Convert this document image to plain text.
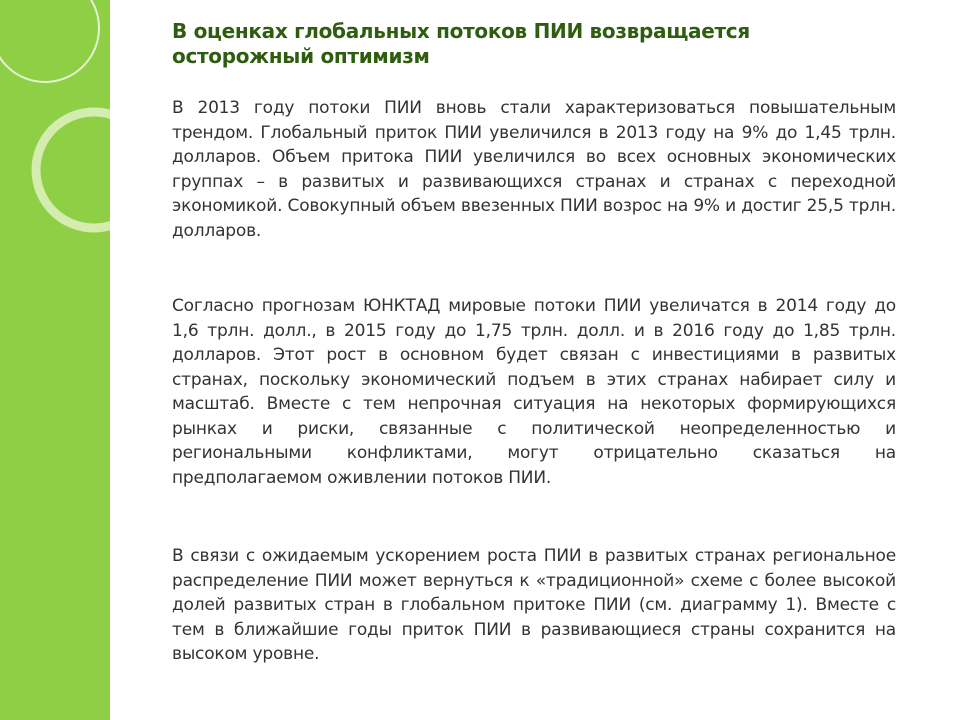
В оценках глобальных потоков ПИИ возвращается осторожный оптимизм

В 2013 году потоки ПИИ вновь стали характеризоваться повышательным трендом. Глобальный приток ПИИ увеличился в 2013 году на 9% до 1,45 трлн. долларов. Объем притока ПИИ увеличился во всех основных экономических группах – в развитых и развивающихся странах и странах с переходной экономикой. Совокупный объем ввезенных ПИИ возрос на 9% и достиг 25,5 трлн. долларов.

Согласно прогнозам ЮНКТАД мировые потоки ПИИ увеличатся в 2014 году до 1,6 трлн. долл., в 2015 году до 1,75 трлн. долл. и в 2016 году до 1,85 трлн. долларов. Этот рост в основном будет связан с инвестициями в развитых странах, поскольку экономический подъем в этих странах набирает силу и масштаб. Вместе с тем непрочная ситуация на некоторых формирующихся рынках и риски, связанные с политической неопределенностью и региональными конфликтами, могут отрицательно сказаться на предполагаемом оживлении потоков ПИИ.

В связи с ожидаемым ускорением роста ПИИ в развитых странах региональное распределение ПИИ может вернуться к «традиционной» схеме с более высокой долей развитых стран в глобальном притоке ПИИ (см. диаграмму 1). Вместе с тем в ближайшие годы приток ПИИ в развивающиеся страны сохранится на высоком уровне.
